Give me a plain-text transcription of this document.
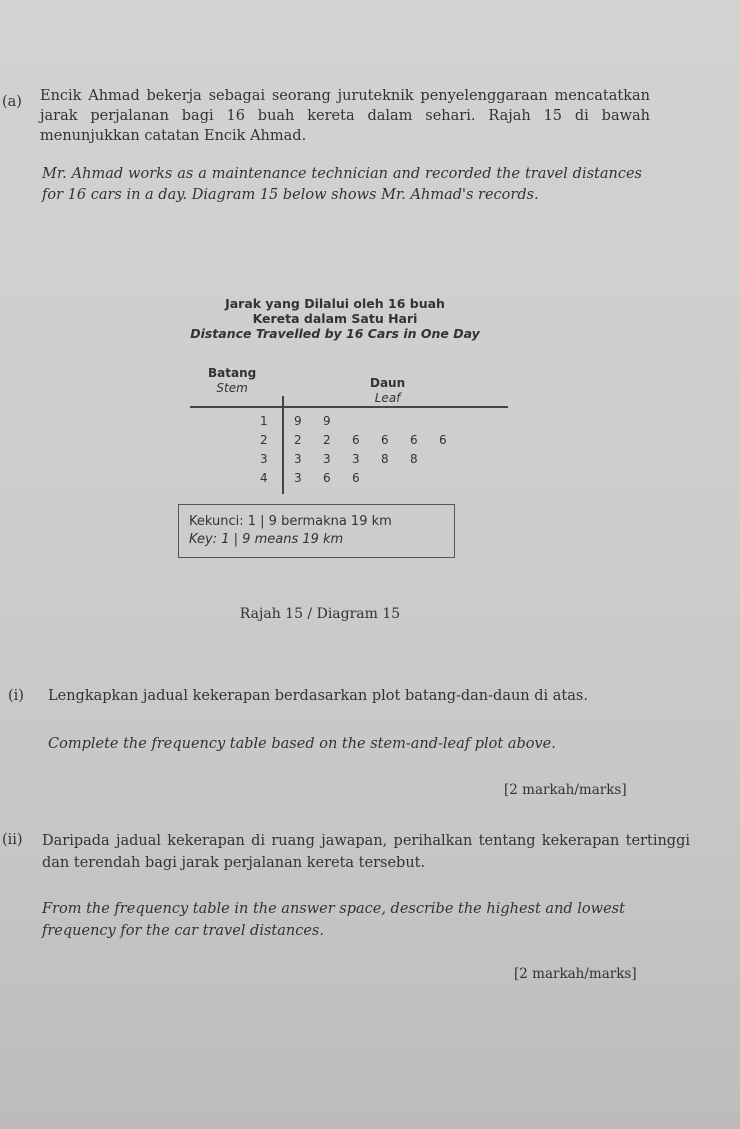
(a) Encik Ahmad bekerja sebagai seorang juruteknik penyelenggaraan mencatatkan jarak perjalanan bagi 16 buah kereta dalam sehari. Rajah 15 di bawah menunjukkan catatan Encik Ahmad.
Mr. Ahmad works as a maintenance technician and recorded the travel distances for 16 cars in a day. Diagram 15 below shows Mr. Ahmad's records.
Jarak yang Dilalui oleh 16 buah
Kereta dalam Satu Hari
Distance Travelled by 16 Cars in One Day
Batang
Stem	Daun
Leaf
1 9 9
2 2 2 6 6 6 6
3 3 3 3 8 8
4 3 6 6
Kekunci: 1 | 9 bermakna 19 km
Key: 1 | 9 means 19 km
Rajah 15 / Diagram 15
(i) Lengkapkan jadual kekerapan berdasarkan plot batang-dan-daun di atas.
Complete the frequency table based on the stem-and-leaf plot above.
[2 markah/marks]
(ii) Daripada jadual kekerapan di ruang jawapan, perihalkan tentang kekerapan tertinggi dan terendah bagi jarak perjalanan kereta tersebut.
From the frequency table in the answer space, describe the highest and lowest frequency for the car travel distances.
[2 markah/marks]
